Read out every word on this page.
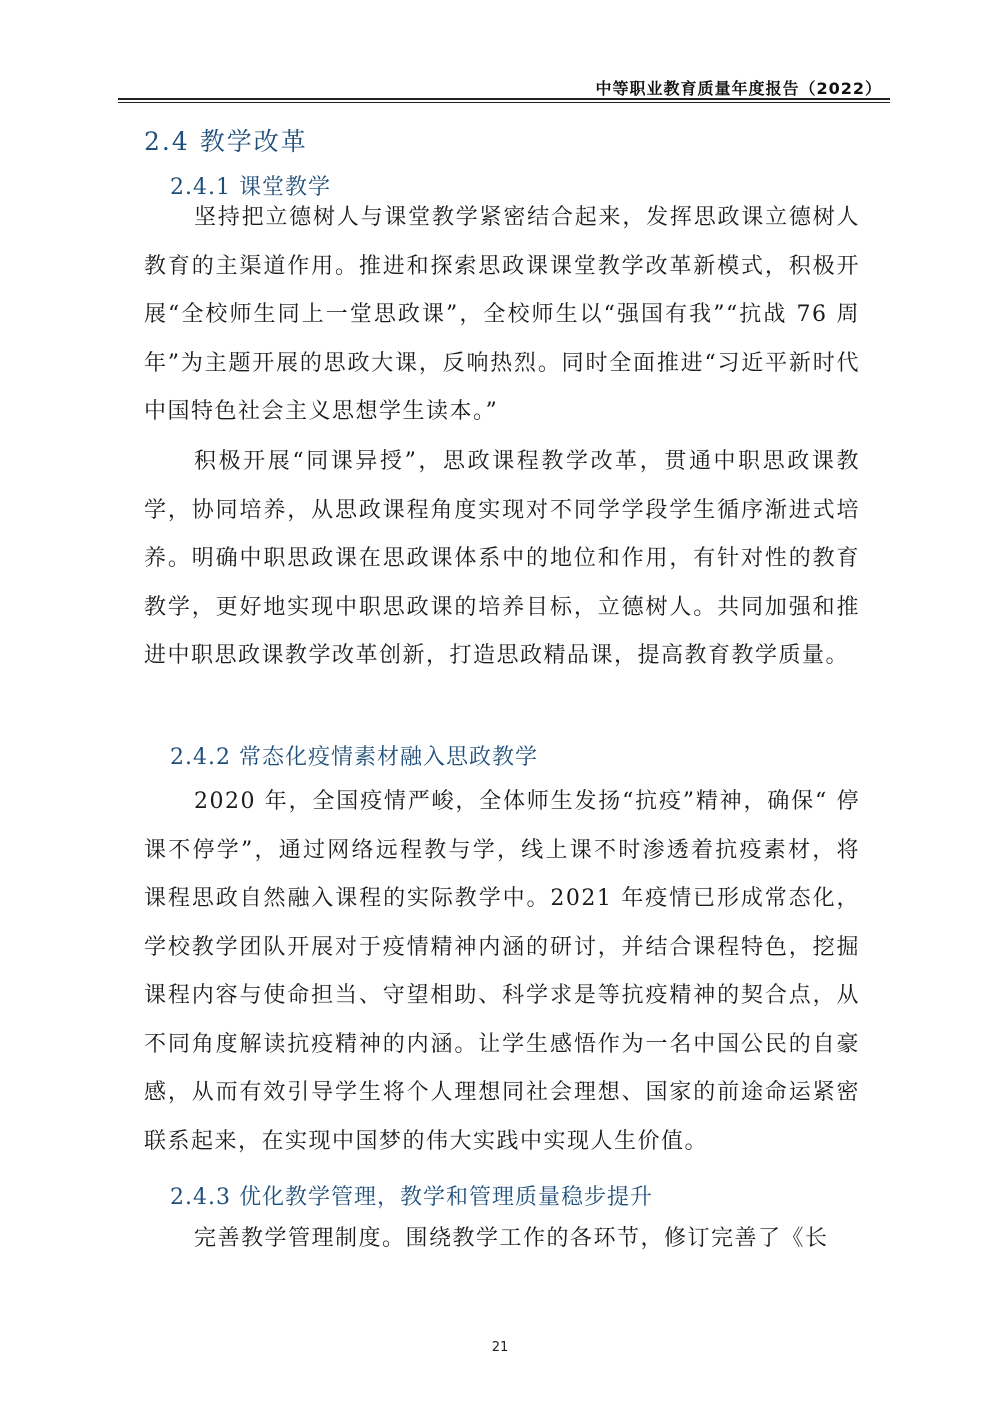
中等职业教育质量年度报告（2022）
2.4 教学改革
2.4.1 课堂教学

坚持把立德树人与课堂教学紧密结合起来，发挥思政课立德树人教育的主渠道作用。推进和探索思政课课堂教学改革新模式，积极开展“全校师生同上一堂思政课”，全校师生以“强国有我”“抗战 76 周年”为主题开展的思政大课，反响热烈。同时全面推进“习近平新时代中国特色社会主义思想学生读本。”

积极开展“同课异授”，思政课程教学改革，贯通中职思政课教学，协同培养，从思政课程角度实现对不同学学段学生循序渐进式培养。明确中职思政课在思政课体系中的地位和作用，有针对性的教育教学，更好地实现中职思政课的培养目标，立德树人。共同加强和推进中职思政课教学改革创新，打造思政精品课，提高教育教学质量。

2.4.2 常态化疫情素材融入思政教学

2020 年，全国疫情严峻，全体师生发扬“抗疫”精神，确保“ 停课不停学”，通过网络远程教与学，线上课不时渗透着抗疫素材，将课程思政自然融入课程的实际教学中。2021 年疫情已形成常态化，学校教学团队开展对于疫情精神内涵的研讨，并结合课程特色，挖掘课程内容与使命担当、守望相助、科学求是等抗疫精神的契合点，从不同角度解读抗疫精神的内涵。让学生感悟作为一名中国公民的自豪感，从而有效引导学生将个人理想同社会理想、国家的前途命运紧密联系起来，在实现中国梦的伟大实践中实现人生价值。

2.4.3 优化教学管理，教学和管理质量稳步提升

完善教学管理制度。围绕教学工作的各环节，修订完善了《长

21
